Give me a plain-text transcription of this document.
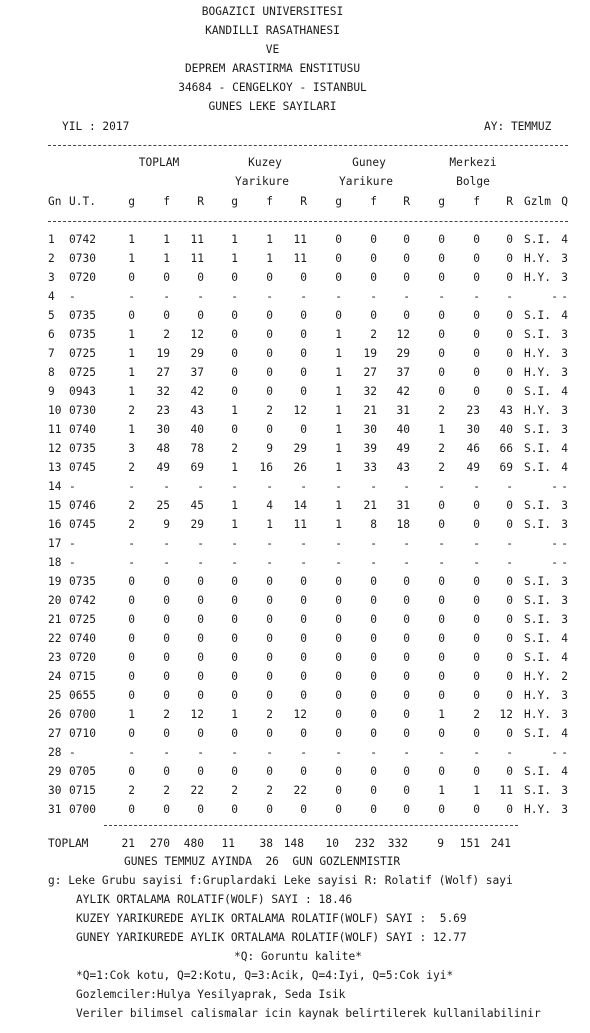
BOGAZICI UNIVERSITESI
KANDILLI RASATHANESI
VE
DEPREM ARASTIRMA ENSTITUSU
34684 - CENGELKOY - ISTANBUL
GUNES LEKE SAYILARI
YIL : 2017	AY: TEMMUZ
TOPLAM	Kuzey
Yarikure
Guney
Yarikure
Merkezi
Bolge
Gn U.T.	g	f	R	g	f	R	g	f	R	g	f	R Gzlm Q
1	0742	1	1	11	1	1	11	0	0	0	0	0	0 S.I. 4
2	0730	1	1	11	1	1	11	0	0	0	0	0	0 H.Y. 3
3	0720	0	0	0	0	0	0	0	0	0	0	0	0 H.Y. 3
4	-	-	-	-	-	-	-	-	-	-	-	-	-	- -
5	0735	0	0	0	0	0	0	0	0	0	0	0	0 S.I. 4
6	0735	1	2	12	0	0	0	1	2	12	0	0	0 S.I. 3
7	0725	1	19	29	0	0	0	1	19	29	0	0	0 H.Y. 3
8	0725	1	27	37	0	0	0	1	27	37	0	0	0 H.Y. 3
9	0943	1	32	42	0	0	0	1	32	42	0	0	0 S.I. 4
10 0730	2	23	43	1	2	12	1	21	31	2	23	43 H.Y. 3
11 0740	1	30	40	0	0	0	1	30	40	1	30	40 S.I. 3
12 0735	3	48	78	2	9	29	1	39	49	2	46	66 S.I. 4
13 0745	2	49	69	1	16	26	1	33	43	2	49	69 S.I. 4
14 -	-	-	-	-	-	-	-	-	-	-	-	-	- -
15 0746	2	25	45	1	4	14	1	21	31	0	0	0 S.I. 3
16 0745	2	9	29	1	1	11	1	8	18	0	0	0 S.I. 3
17 -	-	-	-	-	-	-	-	-	-	-	-	-	- -
18 -	-	-	-	-	-	-	-	-	-	-	-	-	- -
19 0735	0	0	0	0	0	0	0	0	0	0	0	0 S.I. 3
20 0742	0	0	0	0	0	0	0	0	0	0	0	0 S.I. 3
21 0725	0	0	0	0	0	0	0	0	0	0	0	0 S.I. 3
22 0740	0	0	0	0	0	0	0	0	0	0	0	0 S.I. 4
23 0720	0	0	0	0	0	0	0	0	0	0	0	0 S.I. 4
24 0715	0	0	0	0	0	0	0	0	0	0	0	0 H.Y. 2
25 0655	0	0	0	0	0	0	0	0	0	0	0	0 H.Y. 3
26 0700	1	2	12	1	2	12	0	0	0	1	2	12 H.Y. 3
27 0710	0	0	0	0	0	0	0	0	0	0	0	0 S.I. 4
28 -	-	-	-	-	-	-	-	-	-	-	-	-	- -
29 0705	0	0	0	0	0	0	0	0	0	0	0	0 S.I. 4
30 0715	2	2	22	2	2	22	0	0	0	1	1	11 S.I. 3
31 0700	0	0	0	0	0	0	0	0	0	0	0	0 H.Y. 3
TOPLAM	21	270	480	11	38 148	10	232	332	9	151 241
GUNES TEMMUZ AYINDA  26  GUN GOZLENMISTIR
g: Leke Grubu sayisi f:Gruplardaki Leke sayisi R: Rolatif (Wolf) sayi
AYLIK ORTALAMA ROLATIF(WOLF) SAYI : 18.46
KUZEY YARIKUREDE AYLIK ORTALAMA ROLATIF(WOLF) SAYI :  5.69
GUNEY YARIKUREDE AYLIK ORTALAMA ROLATIF(WOLF) SAYI : 12.77
*Q: Goruntu kalite*
*Q=1:Cok kotu, Q=2:Kotu, Q=3:Acik, Q=4:Iyi, Q=5:Cok iyi*
Gozlemciler:Hulya Yesilyaprak, Seda Isik
Veriler bilimsel calismalar icin kaynak belirtilerek kullanilabilinir
